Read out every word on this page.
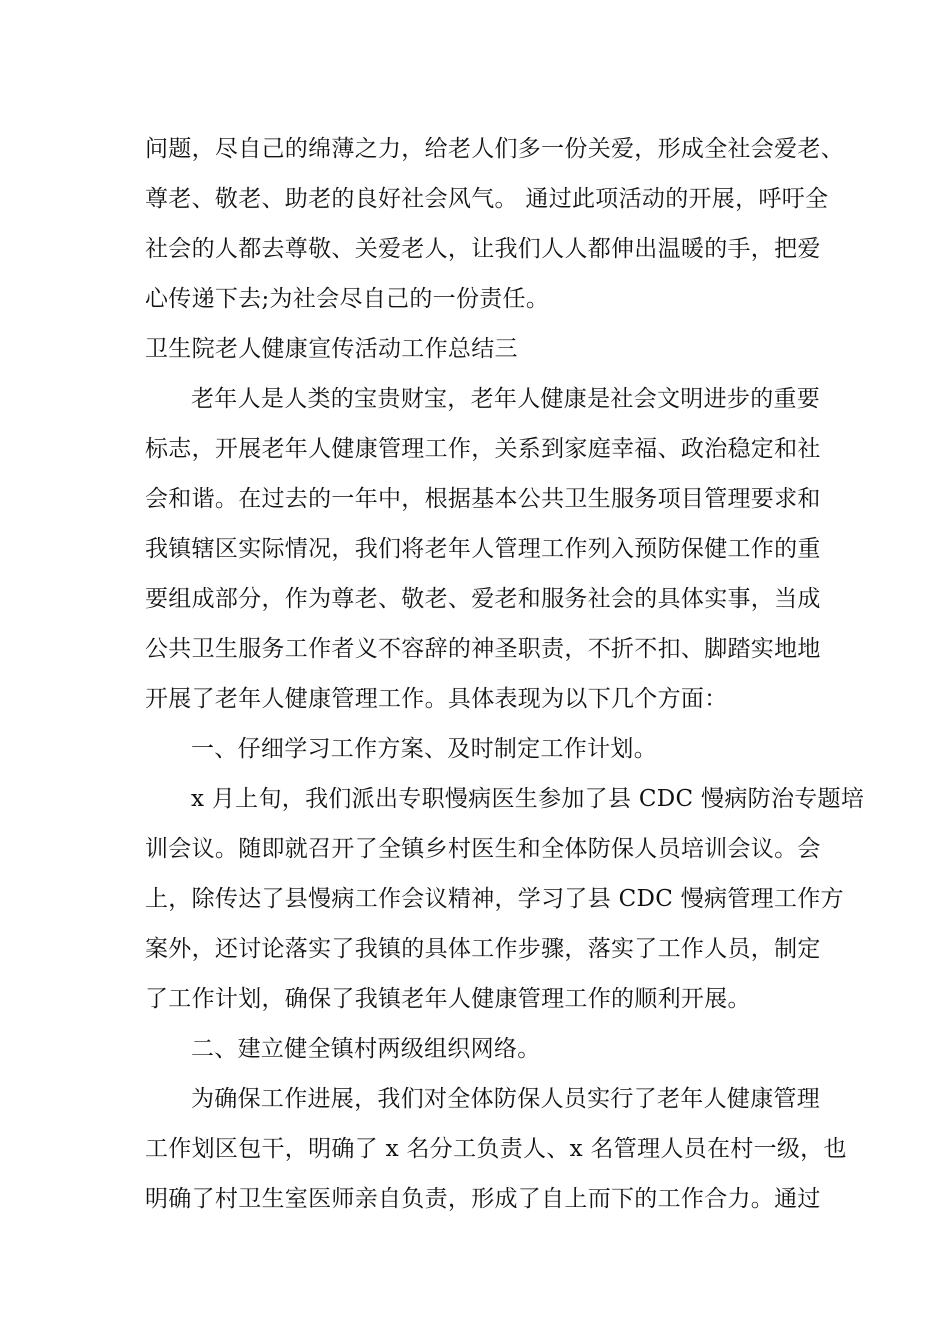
问题，尽自己的绵薄之力，给老人们多一份关爱，形成全社会爱老、
尊老、敬老、助老的良好社会风气。 通过此项活动的开展，呼吁全
社会的人都去尊敬、关爱老人，让我们人人都伸出温暖的手，把爱
心传递下去;为社会尽自己的一份责任。
卫生院老人健康宣传活动工作总结三
老年人是人类的宝贵财宝，老年人健康是社会文明进步的重要
标志，开展老年人健康管理工作，关系到家庭幸福、政治稳定和社
会和谐。在过去的一年中，根据基本公共卫生服务项目管理要求和
我镇辖区实际情况，我们将老年人管理工作列入预防保健工作的重
要组成部分，作为尊老、敬老、爱老和服务社会的具体实事，当成
公共卫生服务工作者义不容辞的神圣职责，不折不扣、脚踏实地地
开展了老年人健康管理工作。具体表现为以下几个方面：
一、仔细学习工作方案、及时制定工作计划。
x 月上旬，我们派出专职慢病医生参加了县 CDC 慢病防治专题培
训会议。随即就召开了全镇乡村医生和全体防保人员培训会议。会
上，除传达了县慢病工作会议精神，学习了县 CDC 慢病管理工作方
案外，还讨论落实了我镇的具体工作步骤，落实了工作人员，制定
了工作计划，确保了我镇老年人健康管理工作的顺利开展。
二、建立健全镇村两级组织网络。
为确保工作进展，我们对全体防保人员实行了老年人健康管理
工作划区包干，明确了 x 名分工负责人、x 名管理人员在村一级，也
明确了村卫生室医师亲自负责，形成了自上而下的工作合力。通过
